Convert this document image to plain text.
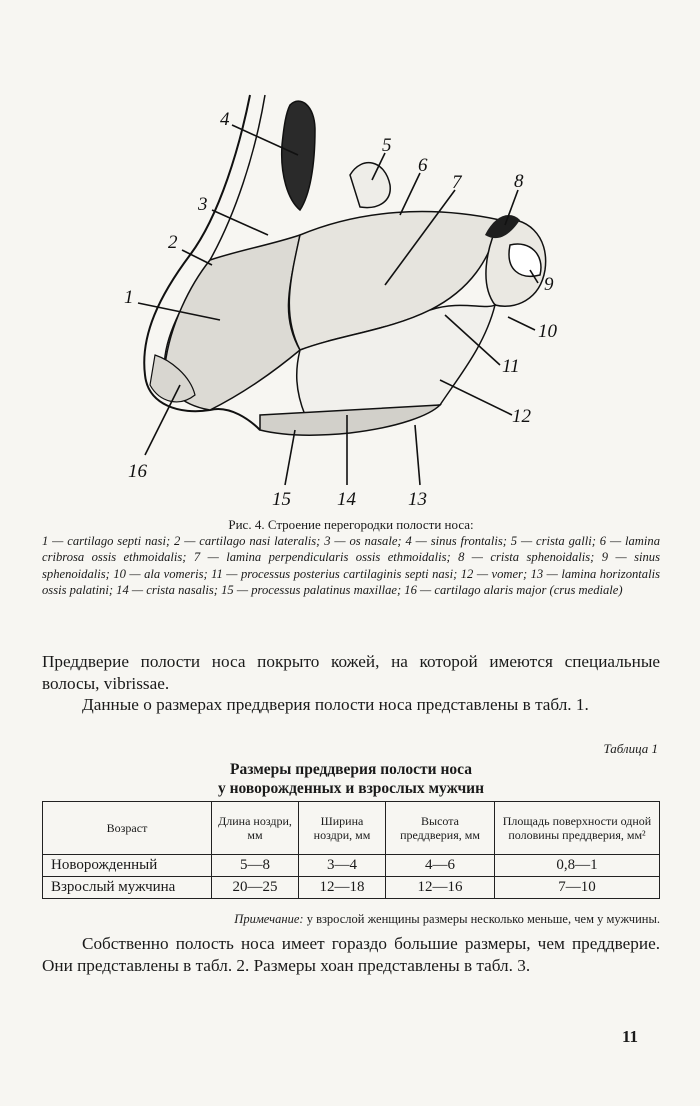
4
3
2
1
5
6
7	8
9
10
11
12
13
14
15
16
Рис. 4. Строение перегородки полости носа:
1 — cartilago septi nasi; 2 — cartilago nasi lateralis; 3 — os nasale; 4 — sinus frontalis; 5 — crista galli; 6 — lamina cribrosa ossis ethmoidalis; 7 — lamina perpendicularis ossis ethmoidalis; 8 — crista sphenoidalis; 9 — sinus sphenoidalis; 10 — ala vomeris; 11 — processus posterius cartilaginis septi nasi; 12 — vomer; 13 — lamina horizontalis ossis palatini; 14 — crista nasalis; 15 — processus palatinus maxillae; 16 — cartilago alaris major (crus mediale)
Преддверие полости носа покрыто кожей, на которой имеются специальные волосы, vibrissae.
Данные о размерах преддверия полости носа представлены в табл. 1.
Таблица 1
Размеры преддверия полости носа
у новорожденных и взрослых мужчин
Возраст	Длина ноздри, мм	Ширина ноздри, мм	Высота преддверия, мм	Площадь поверхности одной половины преддверия, мм²
Новорожденный	5—8	3—4	4—6	0,8—1
Взрослый мужчина	20—25	12—18	12—16	7—10
Примечание: у взрослой женщины размеры несколько меньше, чем у мужчины.
Собственно полость носа имеет гораздо большие размеры, чем преддверие. Они представлены в табл. 2. Размеры хоан представлены в табл. 3.
11
